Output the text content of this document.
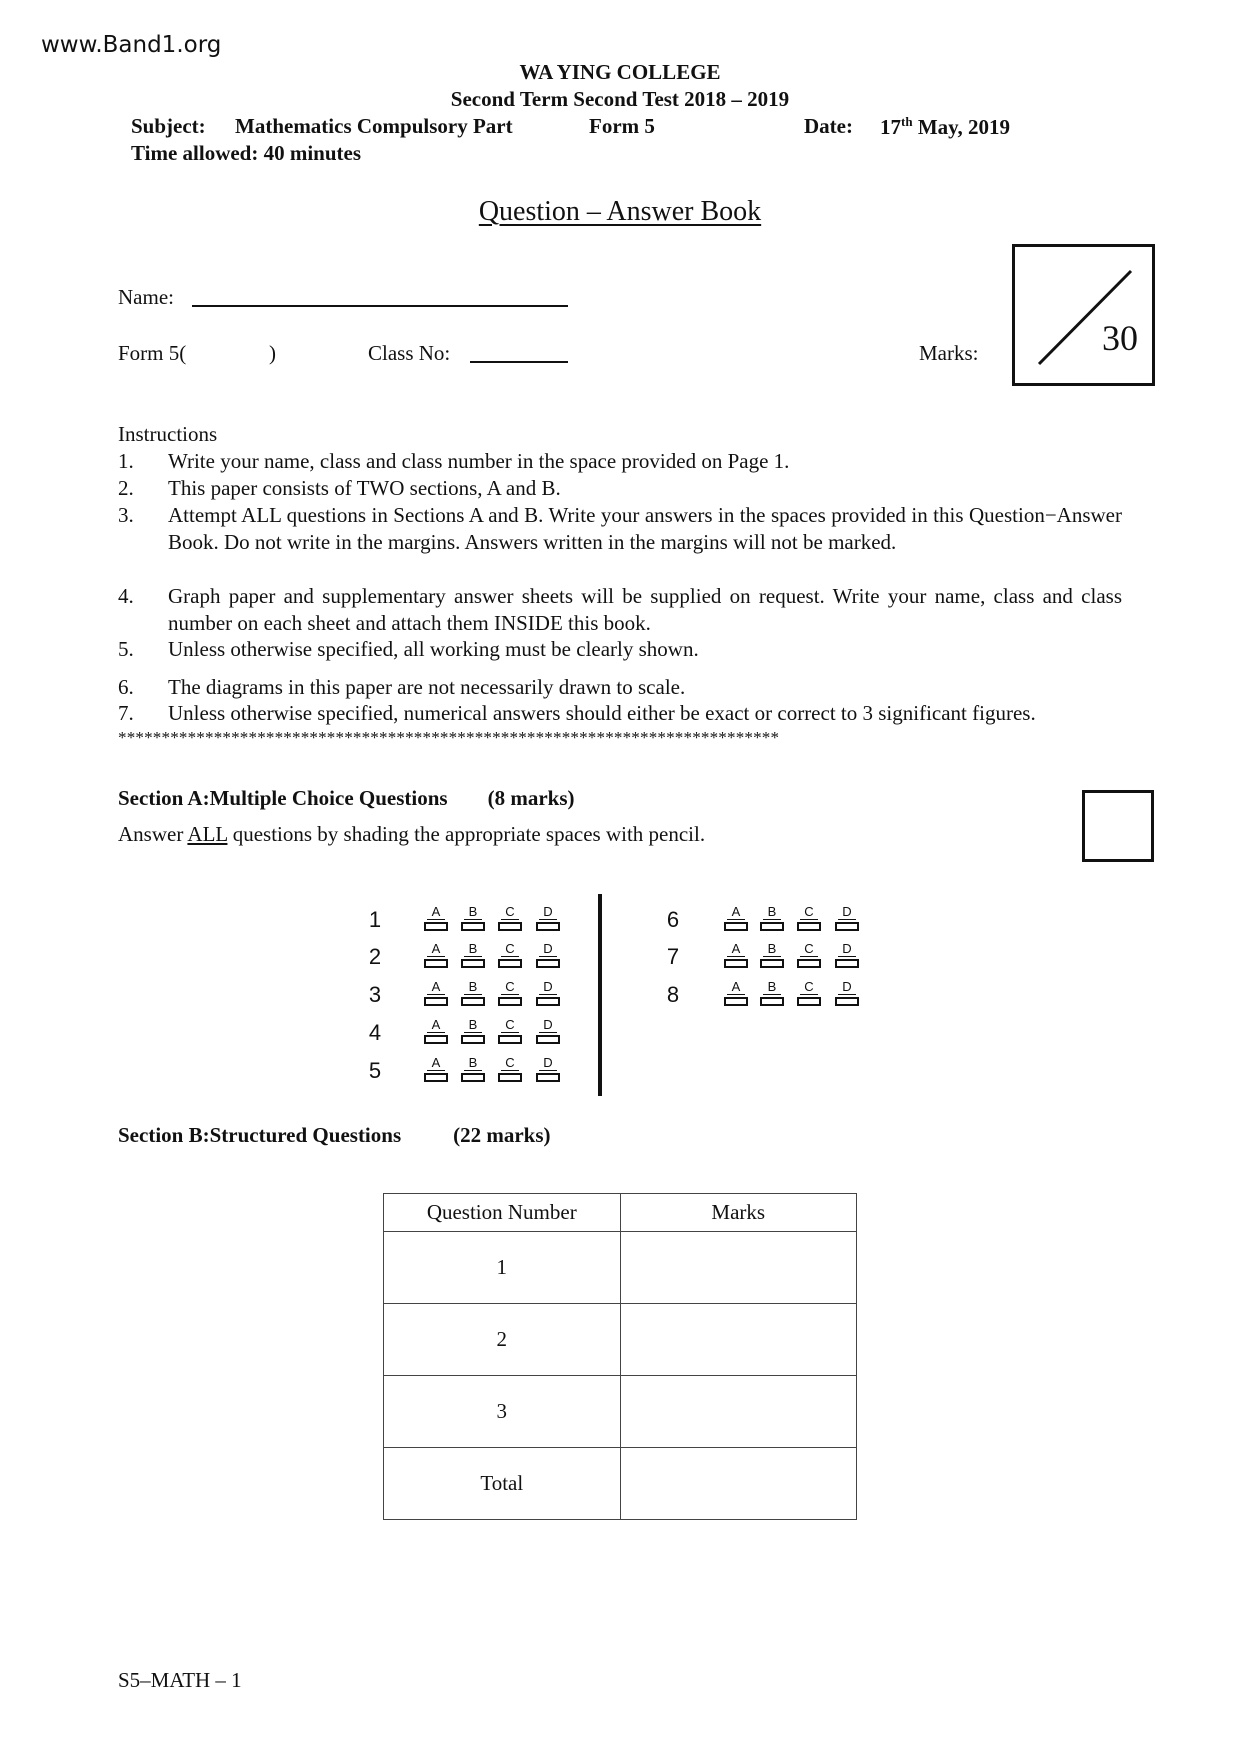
www.Band1.org
WA YING COLLEGE
Second Term Second Test 2018 – 2019
Subject: Mathematics Compulsory Part	Form 5	Date: 17th May, 2019
Time allowed: 40 minutes
Question – Answer Book
Name:
Form 5(	)	Class No:	Marks:	30
Instructions
1. Write your name, class and class number in the space provided on Page 1.
2. This paper consists of TWO sections, A and B.
3. Attempt ALL questions in Sections A and B. Write your answers in the spaces provided in this Question−Answer Book. Do not write in the margins. Answers written in the margins will not be marked.
4. Graph paper and supplementary answer sheets will be supplied on request. Write your name, class and class number on each sheet and attach them INSIDE this book.
5. Unless otherwise specified, all working must be clearly shown.
6. The diagrams in this paper are not necessarily drawn to scale.
7. Unless otherwise specified, numerical answers should either be exact or correct to 3 significant figures.
****************************************************************************
Section A:Multiple Choice Questions (8 marks)
Answer ALL questions by shading the appropriate spaces with pencil.
1	A	B	C	D
2	A	B	C	D
3	A	B	C	D
4	A	B	C	D
5	A	B	C	D
6	A	B	C	D
7	A	B	C	D
8	A	B	C	D
Section B:Structured Questions (22 marks)
Question Number	Marks
1	
2	
3	
Total	
S5–MATH – 1
